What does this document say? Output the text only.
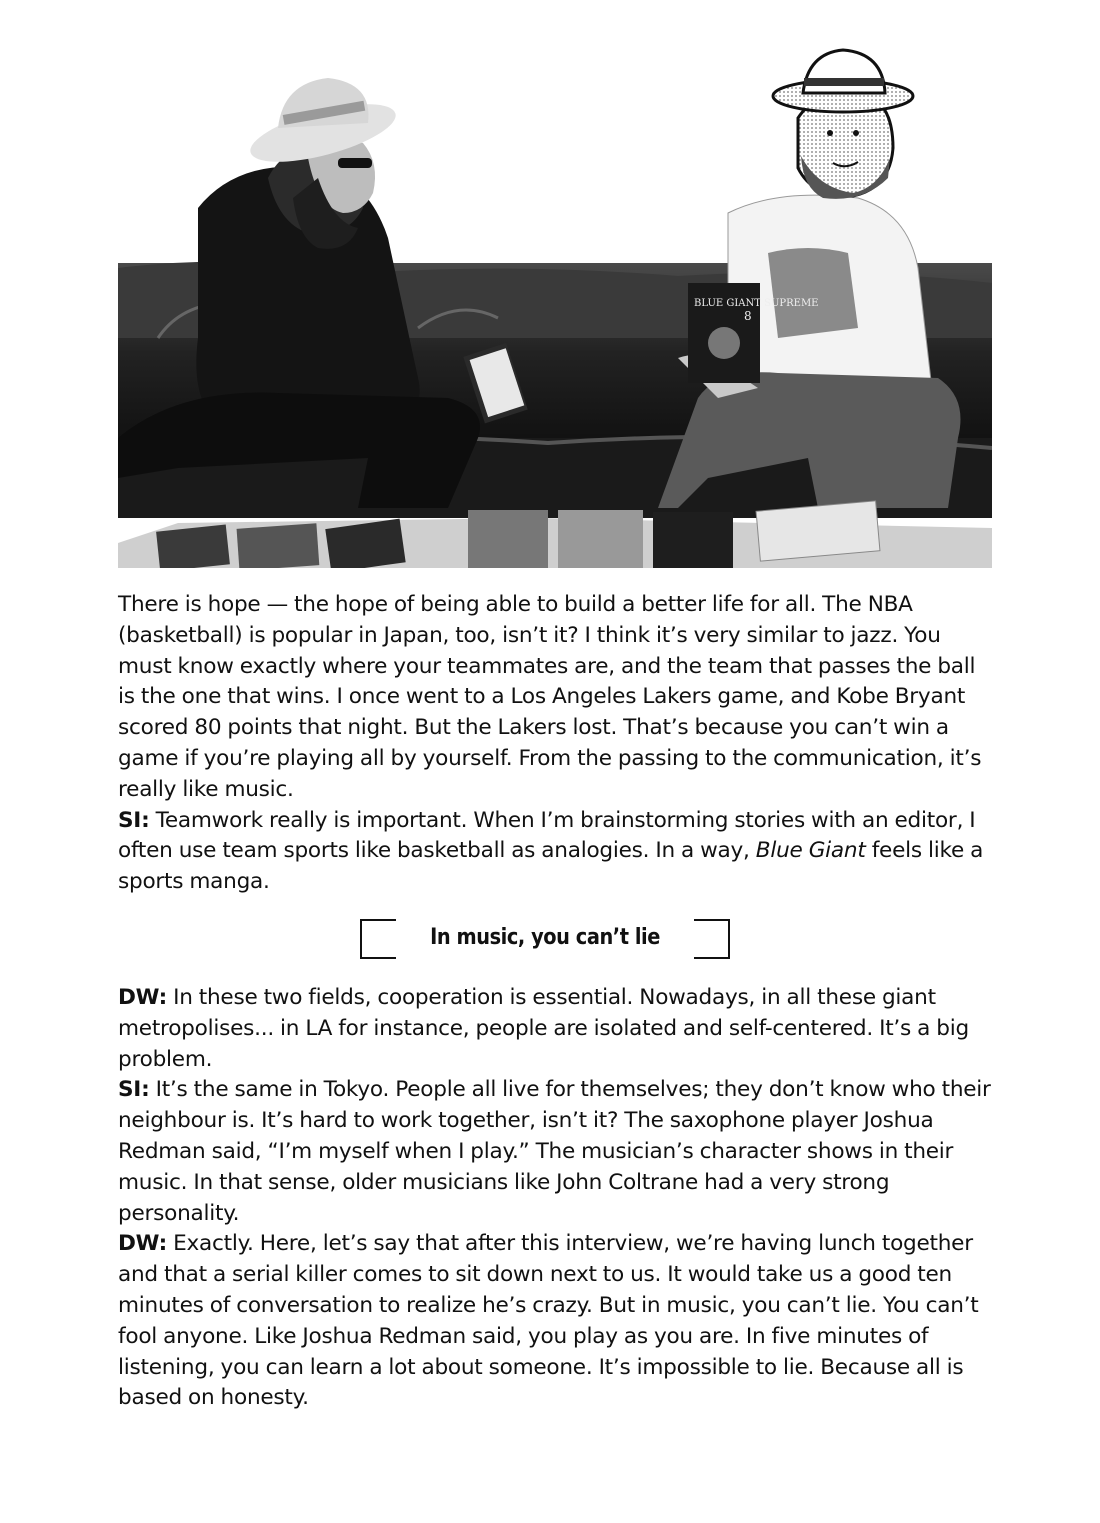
BLUE GIANT SUPREME
8

There is hope — the hope of being able to build a better life for all. The NBA (basketball) is popular in Japan, too, isn’t it? I think it’s very similar to jazz. You must know exactly where your teammates are, and the team that passes the ball is the one that wins. I once went to a Los Angeles Lakers game, and Kobe Bryant scored 80 points that night. But the Lakers lost. That’s because you can’t win a game if you’re playing all by yourself. From the passing to the communication, it’s really like music.

SI: Teamwork really is important. When I’m brainstorming stories with an editor, I often use team sports like basketball as analogies. In a way, Blue Giant feels like a sports manga.

In music, you can’t lie

DW: In these two fields, cooperation is essential. Nowadays, in all these giant metropolises... in LA for instance, people are isolated and self-centered. It’s a big problem.

SI: It’s the same in Tokyo. People all live for themselves; they don’t know who their neighbour is. It’s hard to work together, isn’t it? The saxophone player Joshua Redman said, “I’m myself when I play.” The musician’s character shows in their music. In that sense, older musicians like John Coltrane had a very strong personality.

DW: Exactly. Here, let’s say that after this interview, we’re having lunch together and that a serial killer comes to sit down next to us. It would take us a good ten minutes of conversation to realize he’s crazy. But in music, you can’t lie. You can’t fool anyone. Like Joshua Redman said, you play as you are. In five minutes of listening, you can learn a lot about someone. It’s impossible to lie. Because all is based on honesty.
